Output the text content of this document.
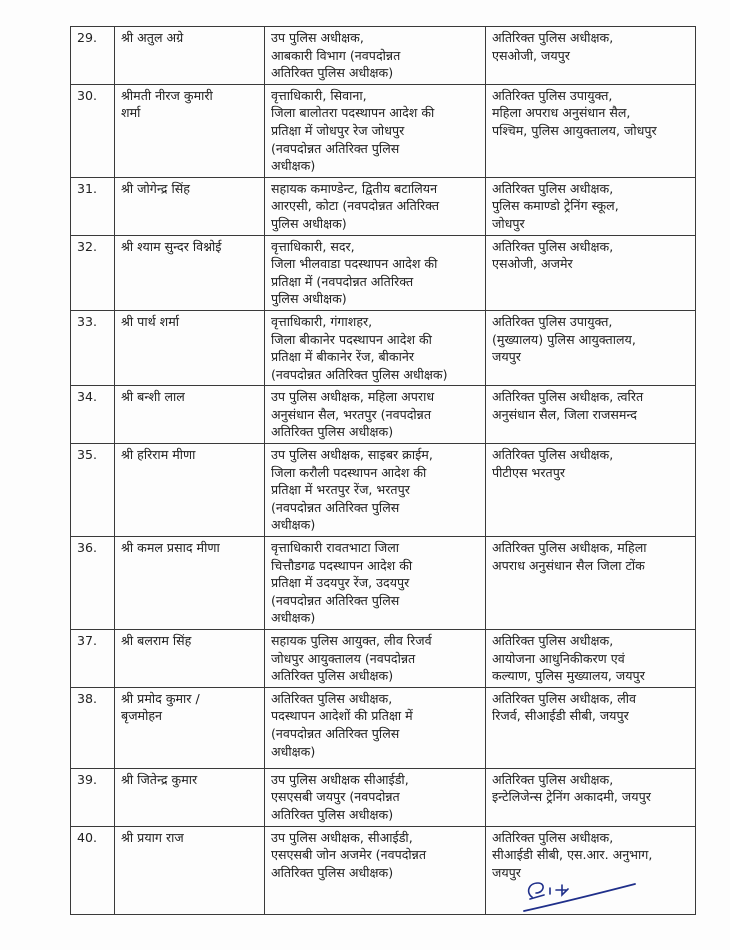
29.	श्री अतुल अग्रे	उप पुलिस अधीक्षक,
आबकारी विभाग (नवपदोन्नत
अतिरिक्त पुलिस अधीक्षक)	अतिरिक्त पुलिस अधीक्षक,
एसओजी, जयपुर

30.	श्रीमती नीरज कुमारी
शर्मा	वृत्ताधिकारी, सिवाना,
जिला बालोतरा पदस्थापन आदेश की
प्रतिक्षा में जोधपुर रेज जोधपुर
(नवपदोन्नत अतिरिक्त पुलिस
अधीक्षक)	अतिरिक्त पुलिस उपायुक्त,
महिला अपराध अनुसंधान सैल,
पश्चिम, पुलिस आयुक्तालय, जोधपुर

31.	श्री जोगेन्द्र सिंह	सहायक कमाण्डेन्ट, द्वितीय बटालियन
आरएसी, कोटा (नवपदोन्नत अतिरिक्त
पुलिस अधीक्षक)	अतिरिक्त पुलिस अधीक्षक,
पुलिस कमाण्डो ट्रेनिंग स्कूल,
जोधपुर

32.	श्री श्याम सुन्दर विश्नोई	वृत्ताधिकारी, सदर,
जिला भीलवाडा पदस्थापन आदेश की
प्रतिक्षा में (नवपदोन्नत अतिरिक्त
पुलिस अधीक्षक)	अतिरिक्त पुलिस अधीक्षक,
एसओजी, अजमेर

33.	श्री पार्थ शर्मा	वृत्ताधिकारी, गंगाशहर,
जिला बीकानेर पदस्थापन आदेश की
प्रतिक्षा में बीकानेर रेंज, बीकानेर
(नवपदोन्नत अतिरिक्त पुलिस अधीक्षक)	अतिरिक्त पुलिस उपायुक्त,
(मुख्यालय) पुलिस आयुक्तालय,
जयपुर

34.	श्री बन्शी लाल	उप पुलिस अधीक्षक, महिला अपराध
अनुसंधान सैल, भरतपुर (नवपदोन्नत
अतिरिक्त पुलिस अधीक्षक)	अतिरिक्त पुलिस अधीक्षक, त्वरित
अनुसंधान सैल, जिला राजसमन्द

35.	श्री हरिराम मीणा	उप पुलिस अधीक्षक, साइबर क्राईम,
जिला करौली पदस्थापन आदेश की
प्रतिक्षा में भरतपुर रेंज, भरतपुर
(नवपदोन्नत अतिरिक्त पुलिस
अधीक्षक)	अतिरिक्त पुलिस अधीक्षक,
पीटीएस भरतपुर

36.	श्री कमल प्रसाद मीणा	वृत्ताधिकारी रावतभाटा जिला
चित्तौडगढ पदस्थापन आदेश की
प्रतिक्षा में उदयपुर रेंज, उदयपुर
(नवपदोन्नत अतिरिक्त पुलिस
अधीक्षक)	अतिरिक्त पुलिस अधीक्षक, महिला
अपराध अनुसंधान सैल जिला टोंक

37.	श्री बलराम सिंह	सहायक पुलिस आयुक्त, लीव रिजर्व
जोधपुर आयुक्तालय (नवपदोन्नत
अतिरिक्त पुलिस अधीक्षक)	अतिरिक्त पुलिस अधीक्षक,
आयोजना आधुनिकीकरण एवं
कल्याण, पुलिस मुख्यालय, जयपुर

38.	श्री प्रमोद कुमार /
बृजमोहन	अतिरिक्त पुलिस अधीक्षक,
पदस्थापन आदेशों की प्रतिक्षा में
(नवपदोन्नत अतिरिक्त पुलिस
अधीक्षक)	अतिरिक्त पुलिस अधीक्षक, लीव
रिजर्व, सीआईडी सीबी, जयपुर

39.	श्री जितेन्द्र कुमार	उप पुलिस अधीक्षक सीआईडी,
एसएसबी जयपुर (नवपदोन्नत
अतिरिक्त पुलिस अधीक्षक)	अतिरिक्त पुलिस अधीक्षक,
इन्टेलिजेन्स ट्रेनिंग अकादमी, जयपुर

40.	श्री प्रयाग राज	उप पुलिस अधीक्षक, सीआईडी,
एसएसबी जोन अजमेर (नवपदोन्नत
अतिरिक्त पुलिस अधीक्षक)	अतिरिक्त पुलिस अधीक्षक,
सीआईडी सीबी, एस.आर. अनुभाग,
जयपुर
